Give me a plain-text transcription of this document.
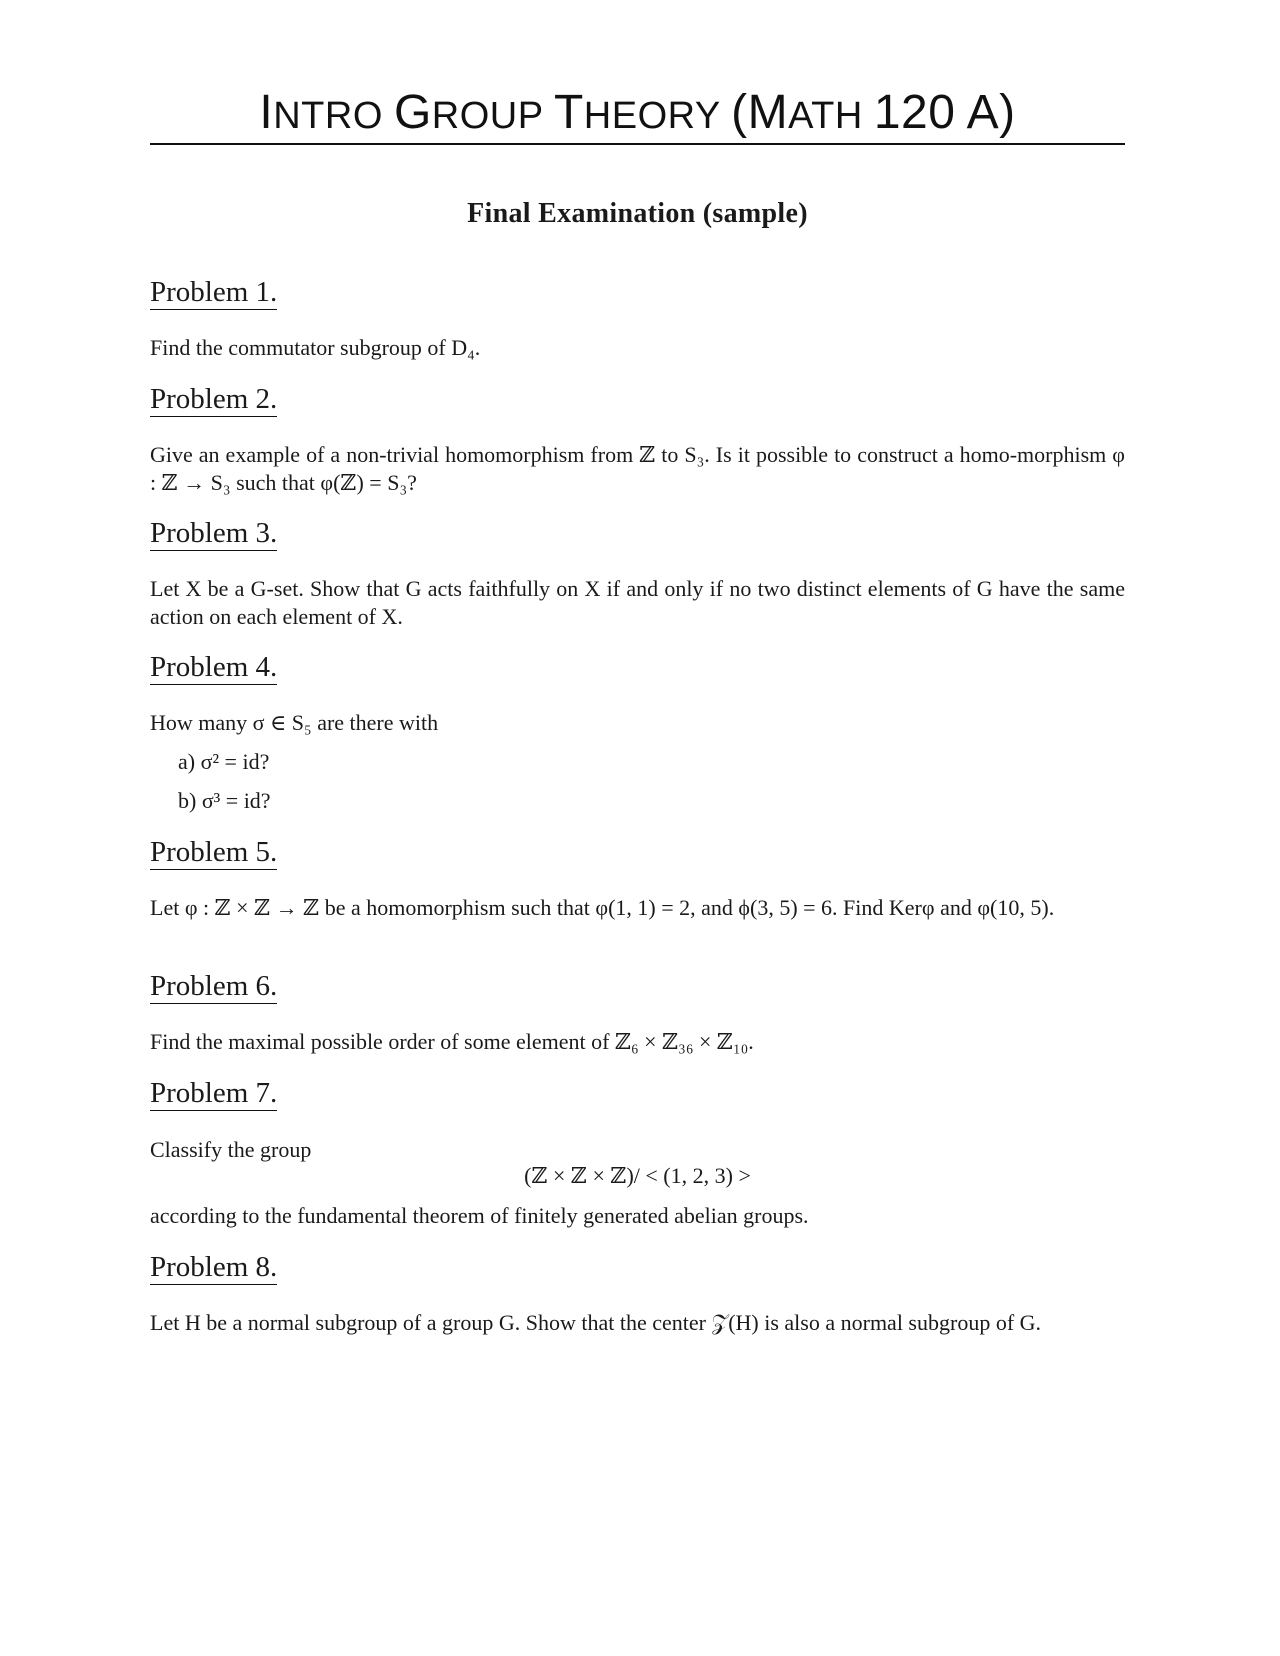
INTRO GROUP THEORY (MATH 120 A)
Final Examination (sample)
Problem 1.
Find the commutator subgroup of D₄.
Problem 2.
Give an example of a non-trivial homomorphism from ℤ to S₃. Is it possible to construct a homo-morphism φ : ℤ → S₃ such that φ(ℤ) = S₃?
Problem 3.
Let X be a G-set. Show that G acts faithfully on X if and only if no two distinct elements of G have the same action on each element of X.
Problem 4.
How many σ ∈ S₅ are there with
a) σ² = id?
b) σ³ = id?
Problem 5.
Let φ : ℤ × ℤ → ℤ be a homomorphism such that φ(1, 1) = 2, and ϕ(3, 5) = 6. Find Kerφ and φ(10, 5).
Problem 6.
Find the maximal possible order of some element of ℤ₆ × ℤ₃₆ × ℤ₁₀.
Problem 7.
Classify the group
(ℤ × ℤ × ℤ)/ < (1, 2, 3) >
according to the fundamental theorem of finitely generated abelian groups.
Problem 8.
Let H be a normal subgroup of a group G. Show that the center 𝒵(H) is also a normal subgroup of G.
